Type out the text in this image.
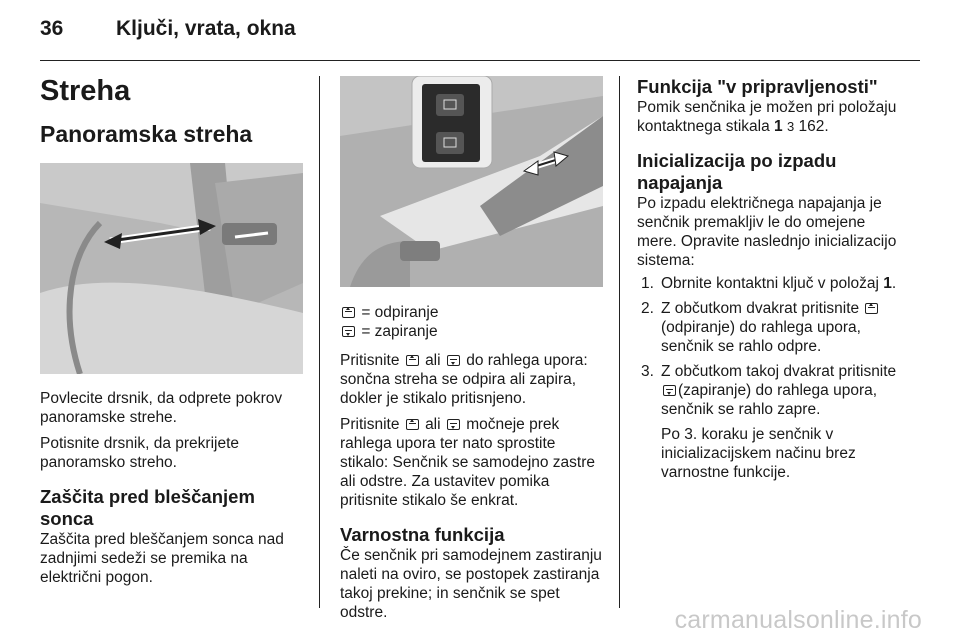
36	Ključi, vrata, okna
Streha
Panoramska streha

Povlecite drsnik, da odprete pokrov panoramske strehe.

Potisnite drsnik, da prekrijete panoramsko streho.

Zaščita pred bleščanjem sonca

Zaščita pred bleščanjem sonca nad zadnjimi sedeži se premika na električni pogon.

= odpiranje
= zapiranje

Pritisnite ali do rahlega upora: sončna streha se odpira ali zapira, dokler je stikalo pritisnjeno.

Pritisnite ali močneje prek rahlega upora ter nato sprostite stikalo: Senčnik se samodejno zastre ali odstre. Za ustavitev pomika pritisnite stikalo še enkrat.

Varnostna funkcija

Če senčnik pri samodejnem zastiranju naleti na oviro, se postopek zastiranja takoj prekine; in senčnik se spet odstre.

Funkcija "v pripravljenosti"

Pomik senčnika je možen pri položaju kontaktnega stikala 1 3 162.

Inicializacija po izpadu napajanja

Po izpadu električnega napajanja je senčnik premakljiv le do omejene mere. Opravite naslednjo inicializacijo sistema:

1. Obrnite kontaktni ključ v položaj 1.
2. Z občutkom dvakrat pritisnite  (odpiranje) do rahlega upora, senčnik se rahlo odpre.
3. Z občutkom takoj dvakrat pritisnite (zapiranje) do rahlega upora, senčnik se rahlo zapre.

Po 3. koraku je senčnik v inicializacijskem načinu brez varnostne funkcije.

carmanualsonline.info
